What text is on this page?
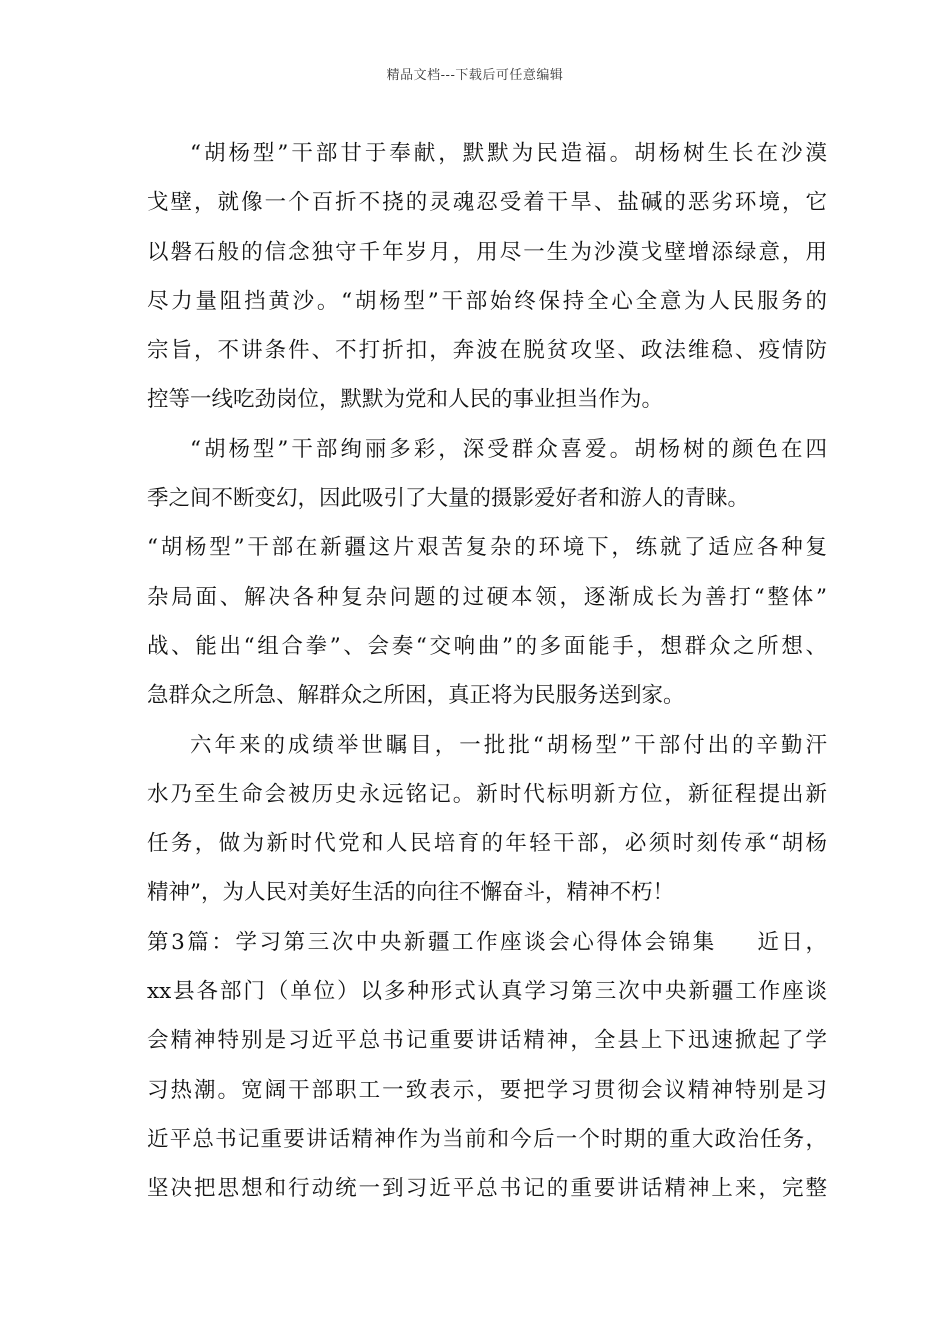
精品文档---下载后可任意编辑
“胡杨型”干部甘于奉献，默默为民造福。胡杨树生长在沙漠
戈壁，就像一个百折不挠的灵魂忍受着干旱、盐碱的恶劣环境，它
以磐石般的信念独守千年岁月，用尽一生为沙漠戈壁增添绿意，用
尽力量阻挡黄沙。“胡杨型”干部始终保持全心全意为人民服务的
宗旨，不讲条件、不打折扣，奔波在脱贫攻坚、政法维稳、疫情防
控等一线吃劲岗位，默默为党和人民的事业担当作为。
“胡杨型”干部绚丽多彩，深受群众喜爱。胡杨树的颜色在四
季之间不断变幻，因此吸引了大量的摄影爱好者和游人的青睐。
“胡杨型”干部在新疆这片艰苦复杂的环境下，练就了适应各种复
杂局面、解决各种复杂问题的过硬本领，逐渐成长为善打“整体”
战、能出“组合拳”、会奏“交响曲”的多面能手，想群众之所想、
急群众之所急、解群众之所困，真正将为民服务送到家。
六年来的成绩举世瞩目，一批批“胡杨型”干部付出的辛勤汗
水乃至生命会被历史永远铭记。新时代标明新方位，新征程提出新
任务，做为新时代党和人民培育的年轻干部，必须时刻传承“胡杨
精神”，为人民对美好生活的向往不懈奋斗，精神不朽！
第3篇：学习第三次中央新疆工作座谈会心得体会锦集 近日，
xx县各部门（单位）以多种形式认真学习第三次中央新疆工作座谈
会精神特别是习近平总书记重要讲话精神，全县上下迅速掀起了学
习热潮。宽阔干部职工一致表示，要把学习贯彻会议精神特别是习
近平总书记重要讲话精神作为当前和今后一个时期的重大政治任务，
坚决把思想和行动统一到习近平总书记的重要讲话精神上来，完整
